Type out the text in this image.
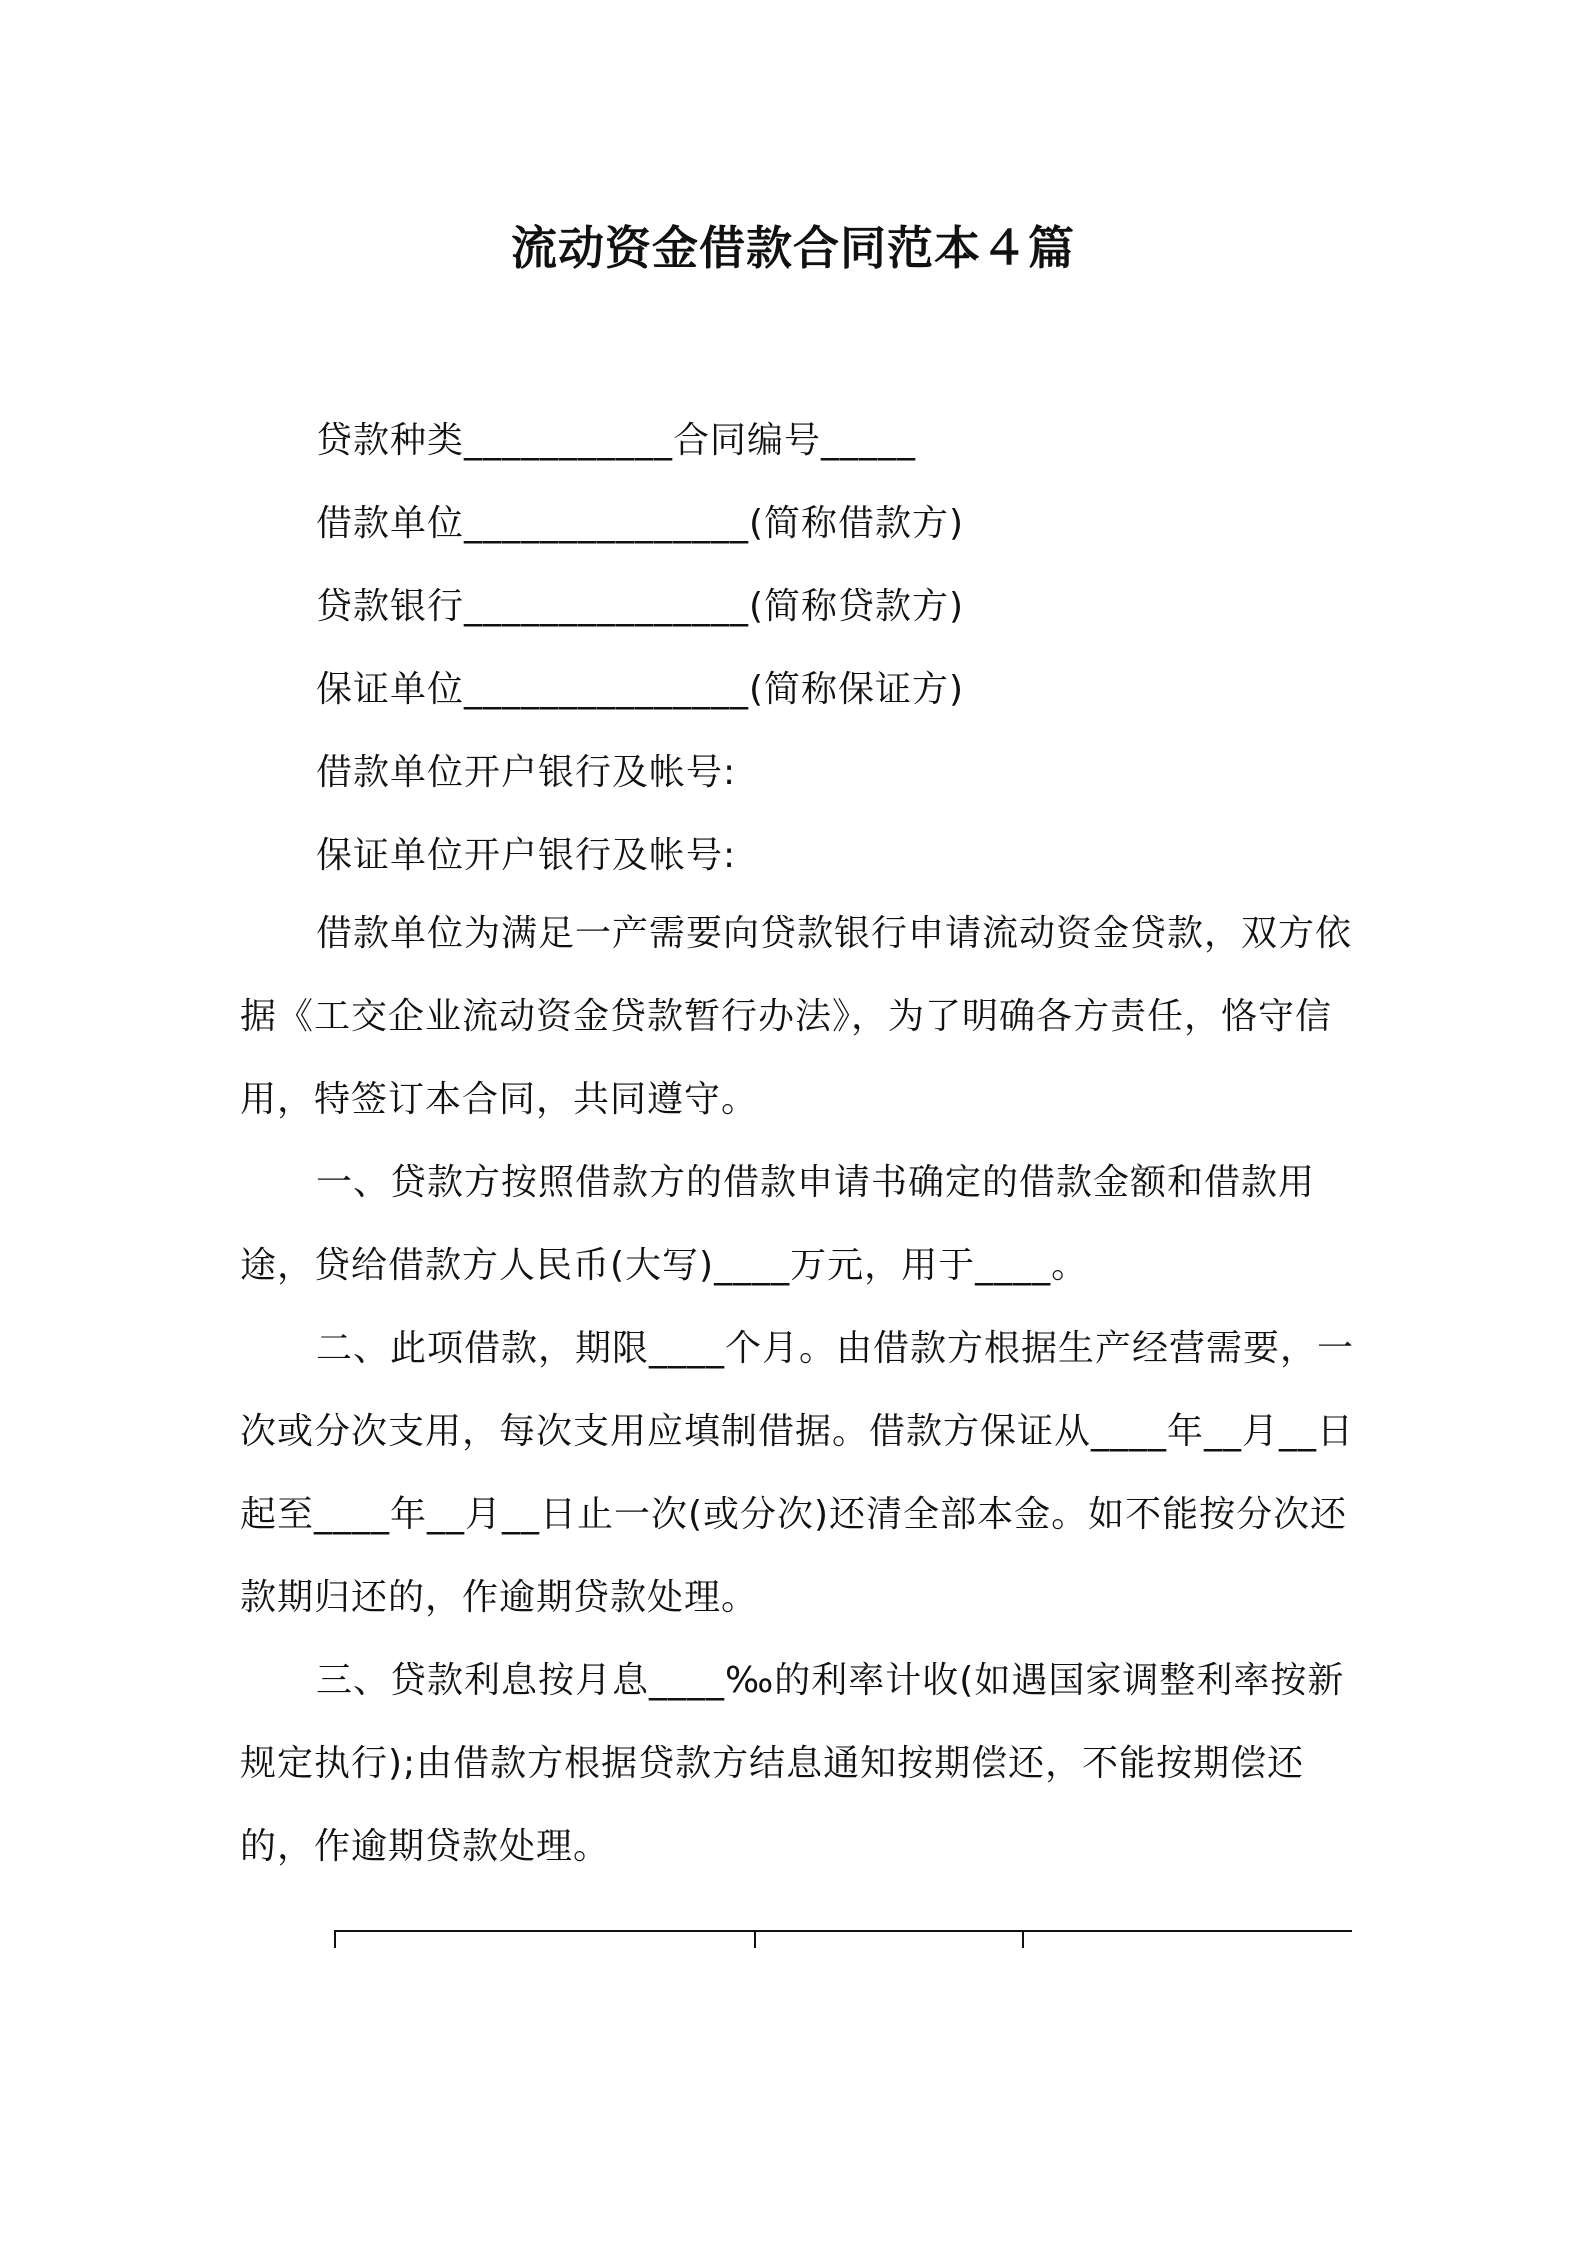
流动资金借款合同范本４篇
贷款种类___________合同编号_____
借款单位_______________(简称借款方)
贷款银行_______________(简称贷款方)
保证单位_______________(简称保证方)
借款单位开户银行及帐号:
保证单位开户银行及帐号:

借款单位为满足一产需要向贷款银行申请流动资金贷款，双方依据《工交企业流动资金贷款暂行办法》，为了明确各方责任，恪守信用，特签订本合同，共同遵守。

一、贷款方按照借款方的借款申请书确定的借款金额和借款用途，贷给借款方人民币(大写)____万元，用于____。

二、此项借款，期限____个月。由借款方根据生产经营需要，一次或分次支用，每次支用应填制借据。借款方保证从____年__月__日起至____年__月__日止一次(或分次)还清全部本金。如不能按分次还款期归还的，作逾期贷款处理。

三、贷款利息按月息____‰的利率计收(如遇国家调整利率按新规定执行);由借款方根据贷款方结息通知按期偿还，不能按期偿还的，作逾期贷款处理。
